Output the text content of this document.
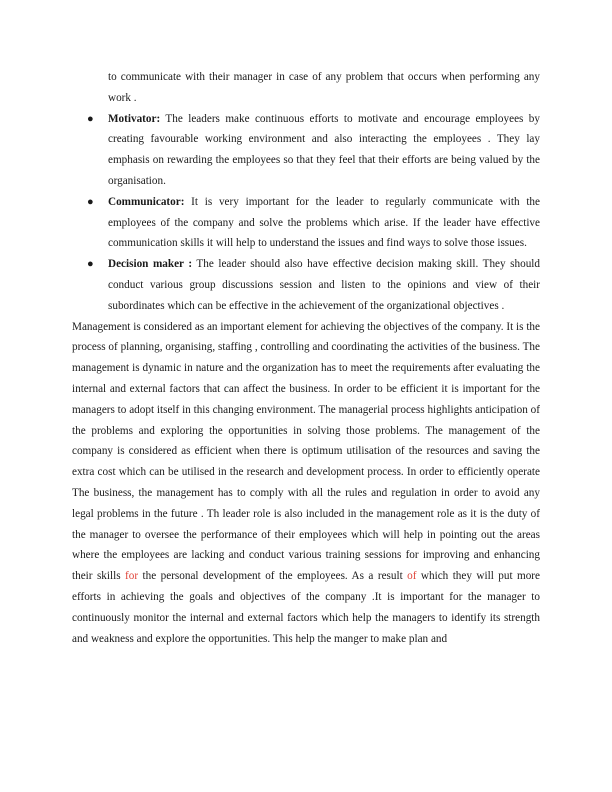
to communicate with their manager in case of any problem that occurs when performing any work .

● Motivator: The leaders make continuous efforts to motivate and encourage employees by creating favourable working environment and also interacting the employees . They lay emphasis on rewarding the employees so that they feel that their efforts are being valued by the organisation.
● Communicator: It is very important for the leader to regularly communicate with the employees of the company and solve the problems which arise. If the leader have effective communication skills it will help to understand the issues and find ways to solve those issues.
● Decision maker : The leader should also have effective decision making skill. They should conduct various group discussions session and listen to the opinions and view of their subordinates which can be effective in the achievement of the organizational objectives .

Management is considered as an important element for achieving the objectives of the company. It is the process of planning, organising, staffing , controlling and coordinating the activities of the business. The management is dynamic in nature and the organization has to meet the requirements after evaluating the internal and external factors that can affect the business. In order to be efficient it is important for the managers to adopt itself in this changing environment. The managerial process highlights anticipation of the problems and exploring the opportunities in solving those problems. The management of the company is considered as efficient when there is optimum utilisation of the resources and saving the extra cost which can be utilised in the research and development process. In order to efficiently operate The business, the management has to comply with all the rules and regulation in order to avoid any legal problems in the future . Th leader role is also included in the management role as it is the duty of the manager to oversee the performance of their employees which will help in pointing out the areas where the employees are lacking and conduct various training sessions for improving and enhancing their skills for the personal development of the employees. As a result of which they will put more efforts in achieving the goals and objectives of the company .It is important for the manager to continuously monitor the internal and external factors which help the managers to identify its strength and weakness and explore the opportunities. This help the manger to make plan and
